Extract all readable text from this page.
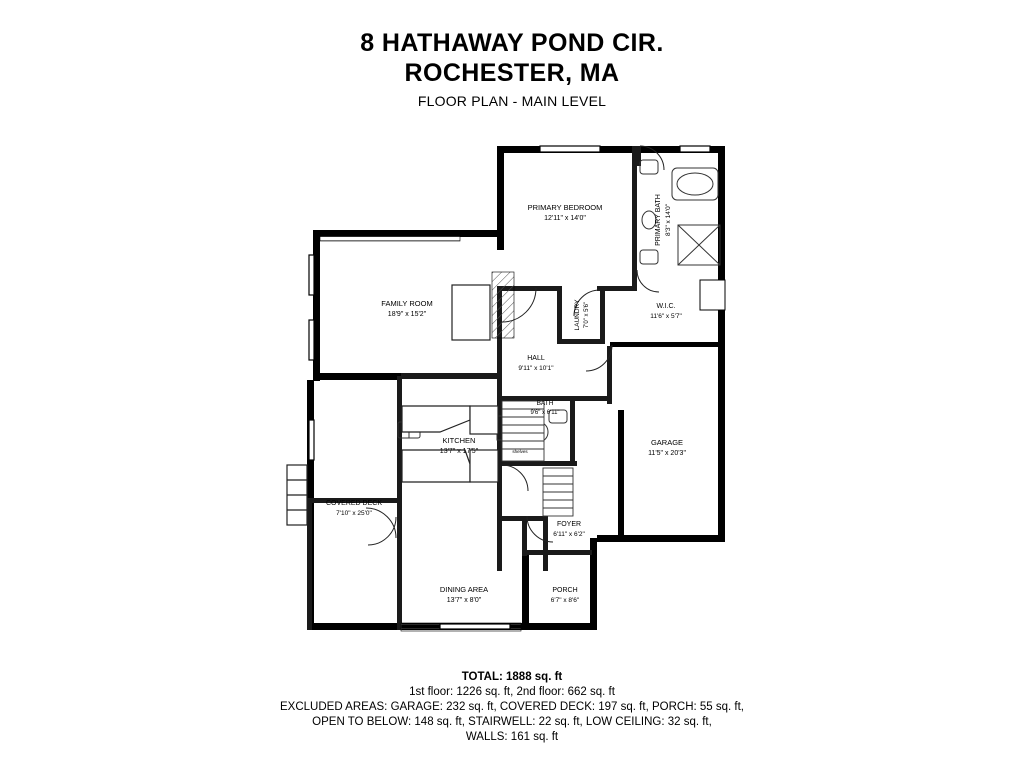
8 HATHAWAY POND CIR.
ROCHESTER, MA
FLOOR PLAN - MAIN LEVEL
PRIMARY BEDROOM
12'11" x 14'0"	PRIMARY BATH 8'3" x 14'0"
FAMILY ROOM
18'9" x 15'2"	LAUNDRY 7'0" x 5'6"	W.I.C.
11'6" x 5'7"
HALL
9'11" x 10'1"
BATH
9'6" x 6'11"
KITCHEN
13'7" x 17'5"
GARAGE
11'5" x 20'3"
COVERED DECK
7'10" x 25'0"
FOYER
6'11" x 6'2"
DINING AREA
13'7" x 8'0"
PORCH
6'7" x 8'6"
shelves
TOTAL: 1888 sq. ft
1st floor: 1226 sq. ft, 2nd floor: 662 sq. ft
EXCLUDED AREAS: GARAGE: 232 sq. ft, COVERED DECK: 197 sq. ft, PORCH: 55 sq. ft,
OPEN TO BELOW: 148 sq. ft, STAIRWELL: 22 sq. ft, LOW CEILING: 32 sq. ft,
WALLS: 161 sq. ft
